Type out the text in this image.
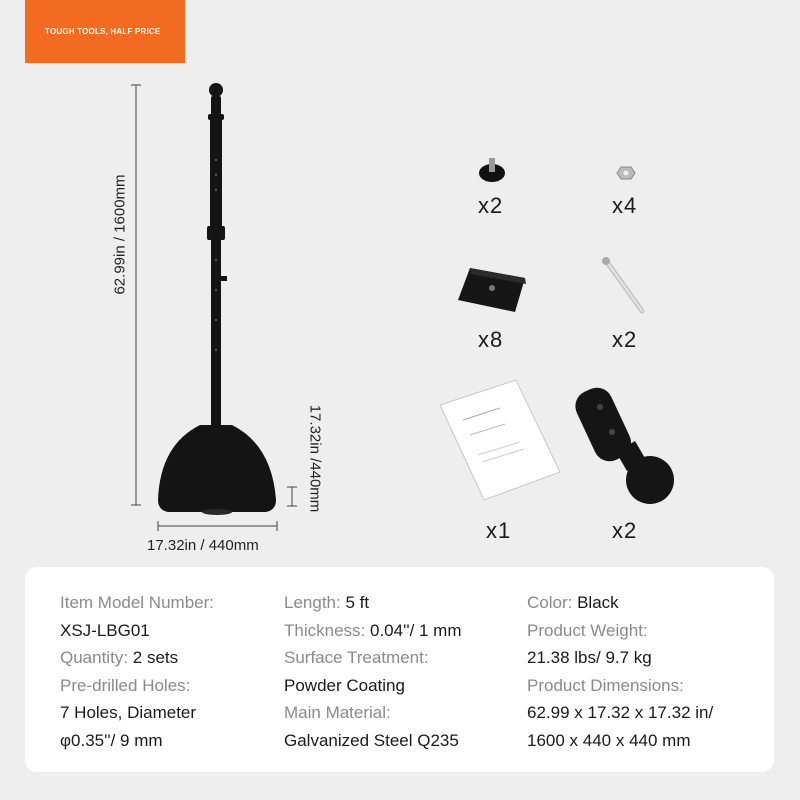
TOUGH TOOLS, HALF PRICE
62.99in / 1600mm
17.32in /440mm
17.32in / 440mm
x2	x4
x8	x2
x1	x2
Item Model Number:
XSJ-LBG01
Quantity: 2 sets
Pre-drilled Holes:
7 Holes, Diameter
φ0.35''/ 9 mm
Length: 5 ft
Thickness: 0.04''/ 1 mm
Surface Treatment:
Powder Coating
Main Material:
Galvanized Steel Q235
Color: Black
Product Weight:
21.38 lbs/ 9.7 kg
Product Dimensions:
62.99 x 17.32 x 17.32 in/
1600 x 440 x 440 mm
